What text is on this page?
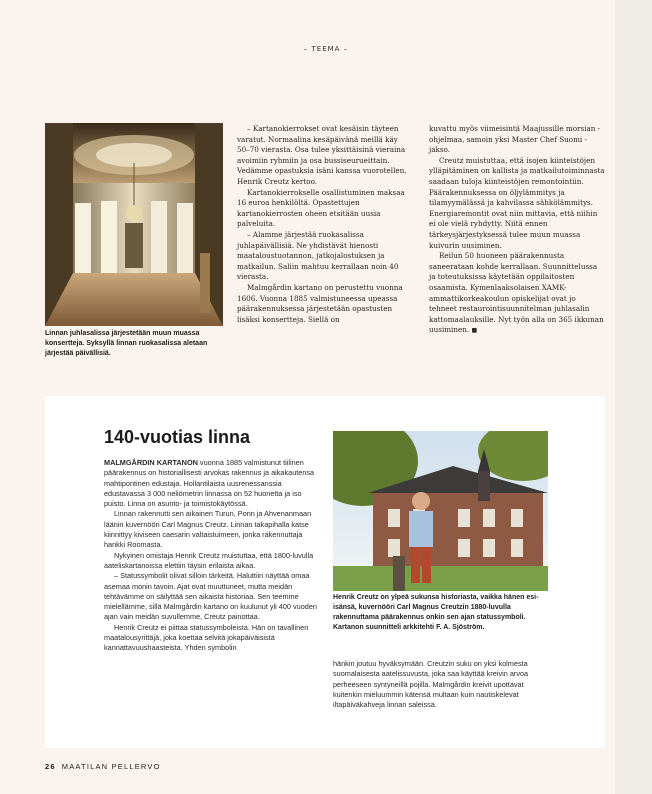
– TEEMA –
Linnan juhlasalissa järjestetään muun muassa konsertteja. Syksyllä linnan ruokasalissa aletaan järjestää päivällisiä.

– Kartanokierrokset ovat kesäisin täyteen varatut. Normaalina kesäpäivänä meillä käy 50–70 vierasta. Osa tulee yksittäisinä vieraina avoimiin ryhmiin ja osa bussiseurueittain. Vedämme opastuksia isäni kanssa vuorotellen, Henrik Creutz kertoo.

Kartanokierrokselle osallistuminen maksaa 16 euroa henkilöltä. Opastettujen kartanokierrosten oheen etsitään uusia palveluita.

– Alamme järjestää ruokasalissa juhlapäivällisiä. Ne yhdistävät hienosti maataloustuotannon, jatkojalostuksen ja matkailun. Saliin mahtuu kerrallaan noin 40 vierasta.

Malmgårdin kartano on perustettu vuonna 1606. Vuonna 1885 valmistuneessa upeassa päärakennuksessa järjestetään opastusten lisäksi konsertteja. Siellä on

kuvattu myös viimeisintä Maajussille morsian -ohjelmaa, samoin yksi Master Chef Suomi -jakso.

Creutz muistuttaa, että isojen kiinteistöjen ylläpitäminen on kallista ja matkailutoiminnasta saadaan tuloja kiinteistöjen remontointiin. Päärakennuksessa on öljylämmitys ja tilamyymälässä ja kahvilassa sähkölämmitys. Energiaremontit ovat niin mittavia, että niihin ei ole vielä ryhdytty. Niitä ennen tärkeysjärjestyksessä tulee muun muassa kuivurin uusiminen.

Reilun 50 huoneen päärakennusta saneerataan kohde kerrallaan. Suunnittelussa ja toteutuksissa käytetään oppilaitosten osaamista. Kymenlaaksolaisen XAMK-ammattikorkeakoulun opiskelijat ovat jo tehneet restaurointisuunnitelman juhlasalin kattomaalauksille. Nyt työn alla on 365 ikkunan uusiminen. ■

140-vuotias linna

MALMGÅRDIN KARTANON vuonna 1885 valmistunut tiilinen päärakennus on historiallisesti arvokas rakennus ja aikakautensa mahtipontinen edustaja. Hollantilaista uusrenessanssia edustavassa 3 000 neliömetrin linnassa on 52 huonetta ja iso puisto. Linna on asunto- ja toimistokäytössä.

Linnan rakennutti sen aikainen Turun, Porin ja Ahvenanmaan läänin kuvernööri Carl Magnus Creutz. Linnan takapihalla katse kiinnittyy kiviseen caesarin valtaistuimeen, jonka rakennuttaja hankki Roomasta.

Nykyinen omistaja Henrik Creutz muistuttaa, että 1800-luvulla aateliskartanoissa elettiin täysin erilaista aikaa.

– Statussymbolit olivat silloin tärkeitä. Haluttiin näyttää omaa asemaa monin tavoin. Ajat ovat muuttuneet, mutta meidän tehtävämme on säilyttää sen aikaista historiaa. Sen teemme mielellämme, sillä Malmgårdin kartano on kuulunut yli 400 vuoden ajan vain meidän suvullemme, Creutz painottaa.

Henrik Creutz ei piittaa statussymboleista. Hän on tavallinen maatalousyrittäjä, joka koettaa selvitä jokapäiväisistä kannattavuushaasteista. Yhden symbolin

Henrik Creutz on ylpeä sukunsa historiasta, vaikka hänen esi-isänsä, kuvernööri Carl Magnus Creutzin 1880-luvulla rakennuttama päärakennus onkin sen ajan statussymboli. Kartanon suunnitteli arkkitehti F. A. Sjöström.

hänkin joutuu hyväksymään. Creutzin suku on yksi kolmesta suomalaisesta aatelissuvusta, joka saa käyttää kreivin arvoa perheeseen syntyneillä pojilla. Malmgårdin kreivit upottavat kuitenkin mieluummin kätensä multaan kuin nautiskelevat iltapäiväkahveja linnan saleissa.

26 MAATILAN PELLERVO
